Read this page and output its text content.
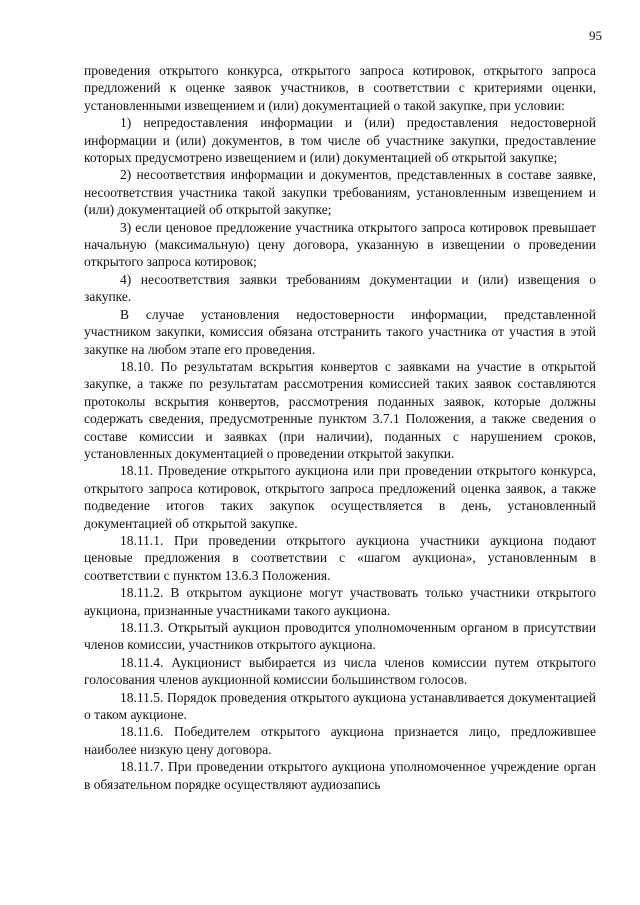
95

проведения открытого конкурса, открытого запроса котировок, открытого запроса предложений к оценке заявок участников, в соответствии с критериями оценки, установленными извещением и (или) документацией о такой закупке, при условии:

1) непредоставления информации и (или) предоставления недостоверной информации и (или) документов, в том числе об участнике закупки, предоставление которых предусмотрено извещением и (или) документацией об открытой закупке;

2) несоответствия информации и документов, представленных в составе заявке, несоответствия участника такой закупки требованиям, установленным извещением и (или) документацией об открытой закупке;

3) если ценовое предложение участника открытого запроса котировок превышает начальную (максимальную) цену договора, указанную в извещении о проведении открытого запроса котировок;

4) несоответствия заявки требованиям документации и (или) извещения о закупке.

В случае установления недостоверности информации, представленной участником закупки, комиссия обязана отстранить такого участника от участия в этой закупке на любом этапе его проведения.

18.10. По результатам вскрытия конвертов с заявками на участие в открытой закупке, а также по результатам рассмотрения комиссией таких заявок составляются протоколы вскрытия конвертов, рассмотрения поданных заявок, которые должны содержать сведения, предусмотренные пунктом 3.7.1 Положения, а также сведения о составе комиссии и заявках (при наличии), поданных с нарушением сроков, установленных документацией о проведении открытой закупки.

18.11. Проведение открытого аукциона или при проведении открытого конкурса, открытого запроса котировок, открытого запроса предложений оценка заявок, а также подведение итогов таких закупок осуществляется в день, установленный документацией об открытой закупке.

18.11.1. При проведении открытого аукциона участники аукциона подают ценовые предложения в соответствии с «шагом аукциона», установленным в соответствии с пунктом 13.6.3 Положения.

18.11.2. В открытом аукционе могут участвовать только участники открытого аукциона, признанные участниками такого аукциона.

18.11.3. Открытый аукцион проводится уполномоченным органом в присутствии членов комиссии, участников открытого аукциона.

18.11.4. Аукционист выбирается из числа членов комиссии путем открытого голосования членов аукционной комиссии большинством голосов.

18.11.5. Порядок проведения открытого аукциона устанавливается документацией о таком аукционе.

18.11.6. Победителем открытого аукциона признается лицо, предложившее наиболее низкую цену договора.

18.11.7. При проведении открытого аукциона уполномоченное учреждение орган в обязательном порядке осуществляют аудиозапись
